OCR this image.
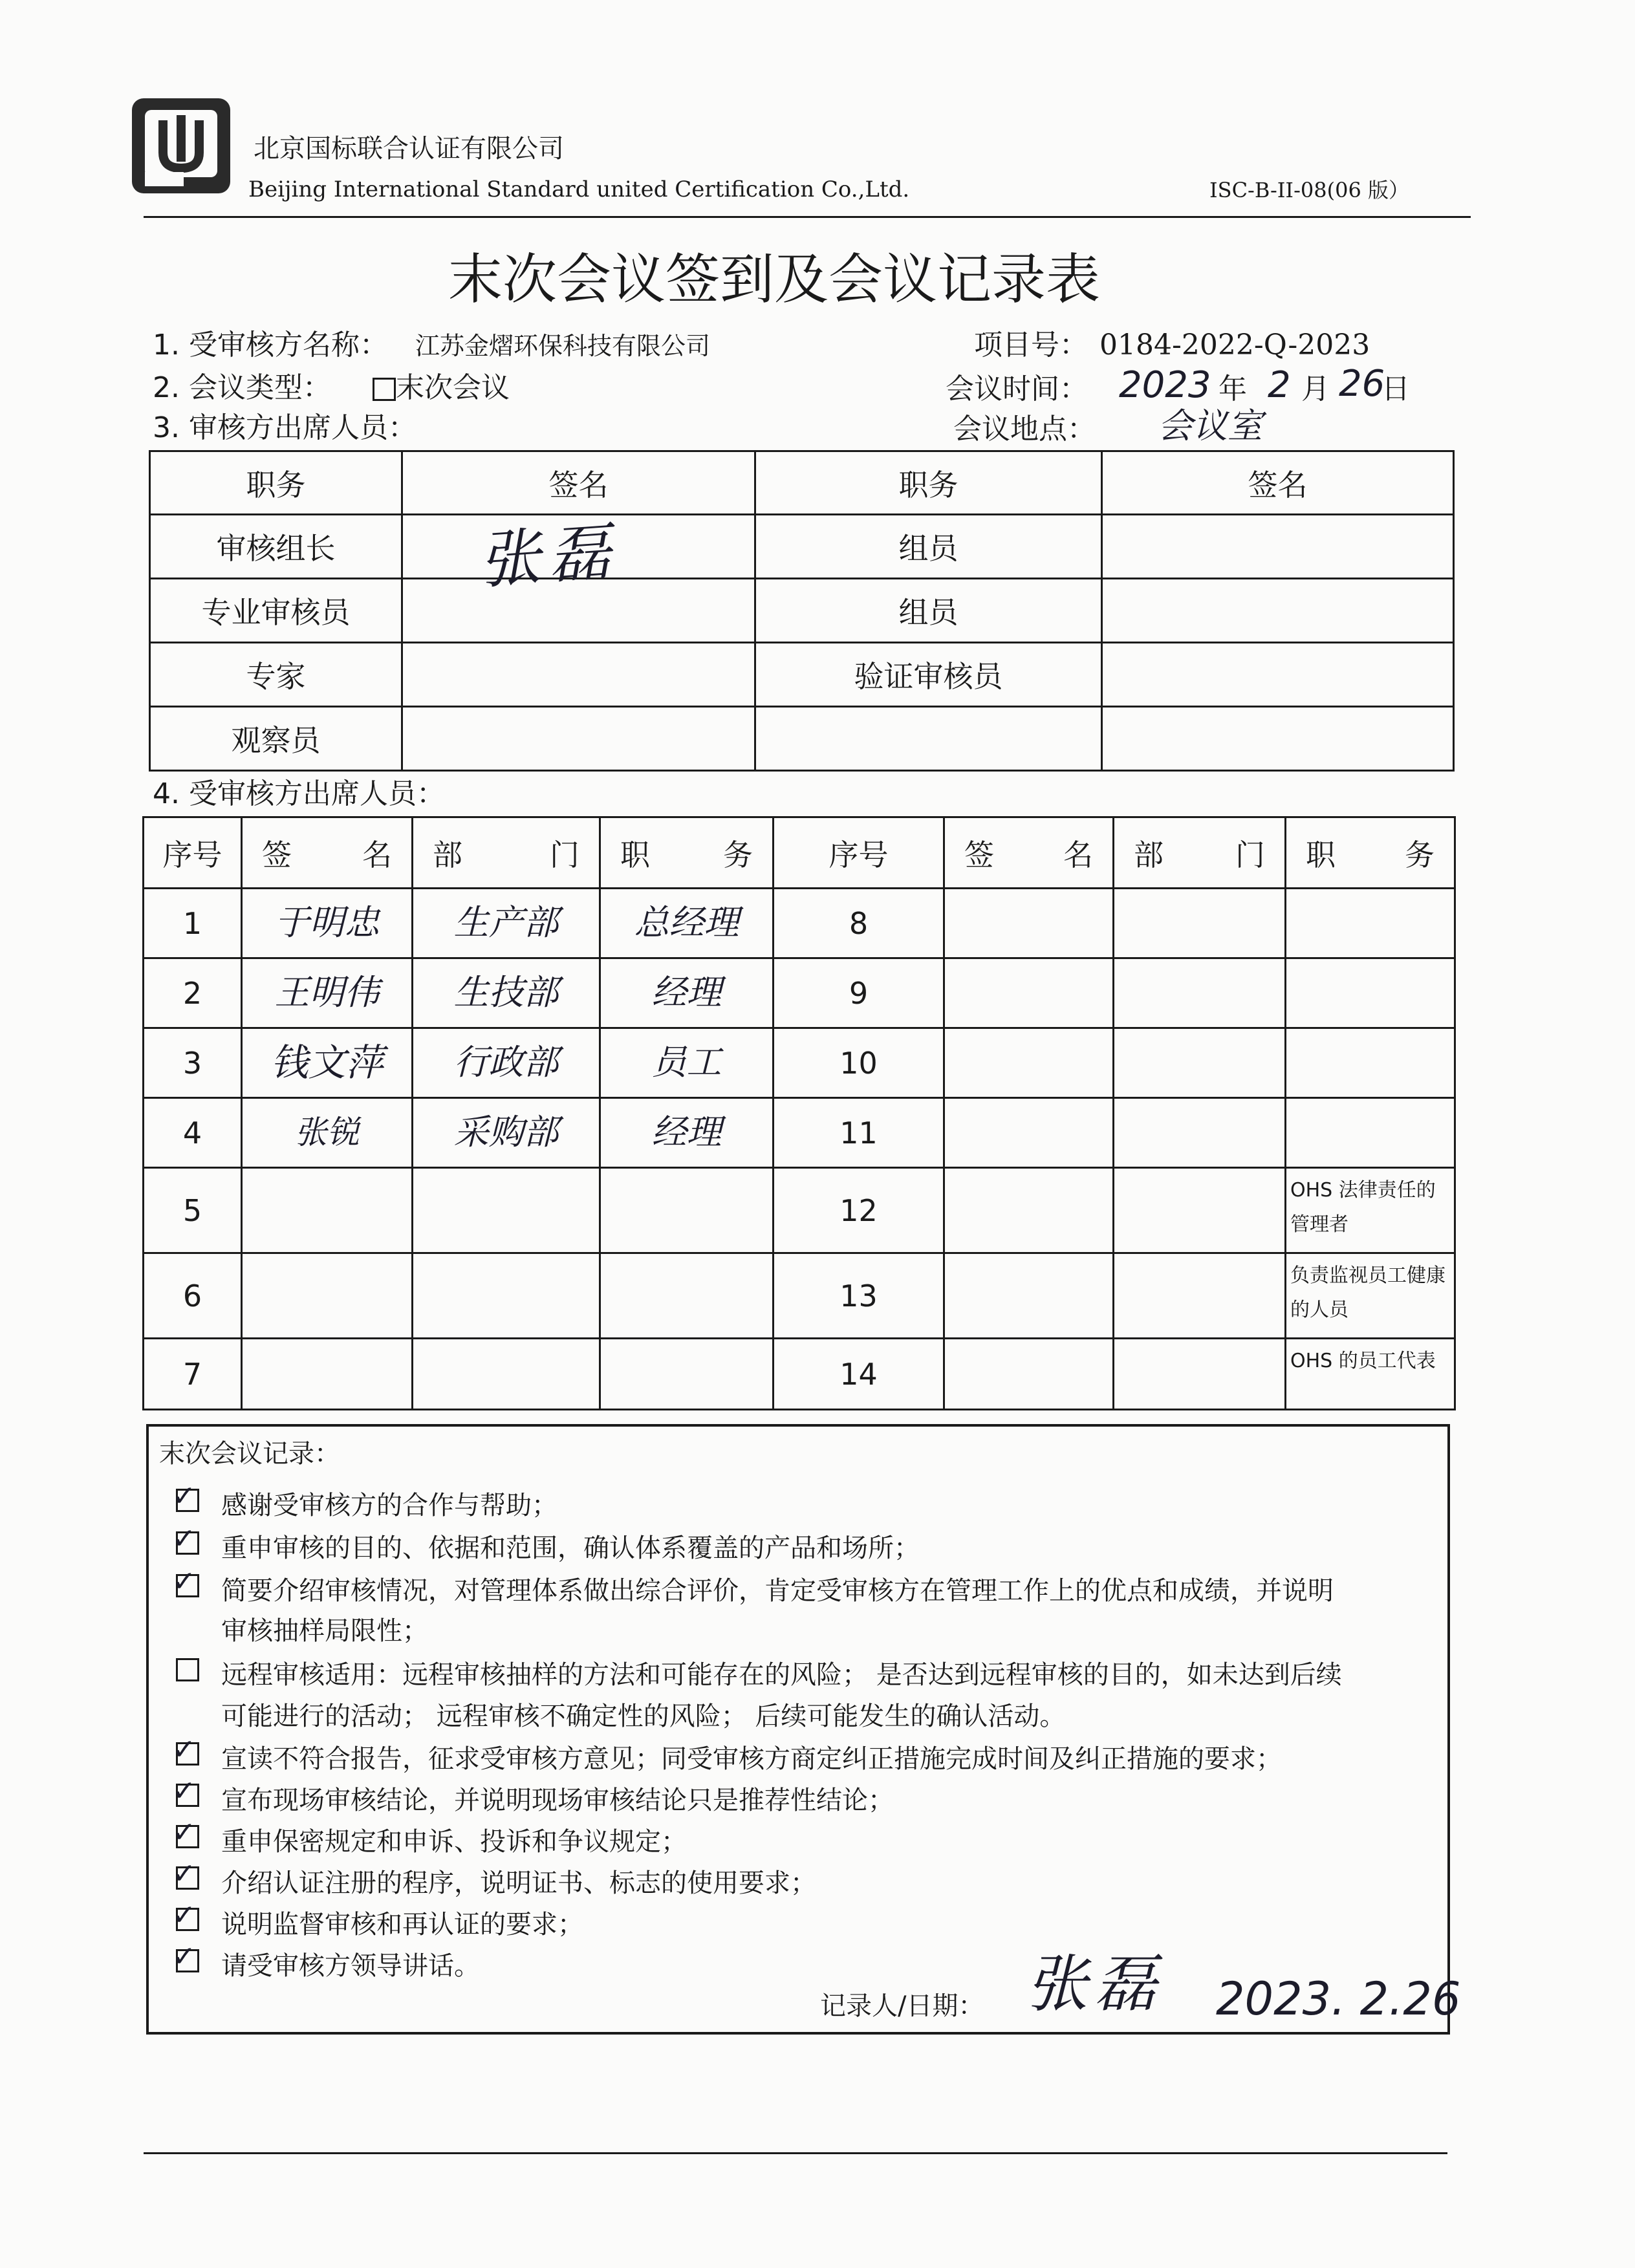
北京国标联合认证有限公司
Beijing International Standard united Certification Co.,Ltd.	ISC-B-II-08(06 版）
末次会议签到及会议记录表
1. 受审核方名称： 江苏金熠环保科技有限公司	项目号： 0184-2022-Q-2023
2. 会议类型： 末次会议	会议时间： 2023 年 2 月 26
日
3. 审核方出席人员：	会议地点： 会议室
职务	签名	职务	签名
审核组长		组员	
专业审核员		组员	
专家		验证审核员	
观察员			
张磊
4. 受审核方出席人员：
序号	签 名	部 门	职 务	序号	签 名	部 门	职 务

1	于明忠	生产部	总经理	8			
2	王明伟	生技部	经理	9			
3	钱文萍	行政部	员工	10			
4	张锐	采购部	经理	11			
5				12			OHS 法律责任的管理者
6				13			负责监视员工健康的人员
7				14			OHS 的员工代表
末次会议记录：
✓ 感谢受审核方的合作与帮助；
✓ 重申审核的目的、依据和范围，确认体系覆盖的产品和场所；
✓ 简要介绍审核情况，对管理体系做出综合评价，肯定受审核方在管理工作上的优点和成绩，并说明
审核抽样局限性；
远程审核适用：远程审核抽样的方法和可能存在的风险； 是否达到远程审核的目的，如未达到后续
可能进行的活动； 远程审核不确定性的风险； 后续可能发生的确认活动。
✓ 宣读不符合报告，征求受审核方意见；同受审核方商定纠正措施完成时间及纠正措施的要求；
✓ 宣布现场审核结论，并说明现场审核结论只是推荐性结论；
✓ 重申保密规定和申诉、投诉和争议规定；
✓ 介绍认证注册的程序，说明证书、标志的使用要求；
✓ 说明监督审核和再认证的要求；
✓ 请受审核方领导讲话。
记录人/日期： 张磊 2023. 2.26
